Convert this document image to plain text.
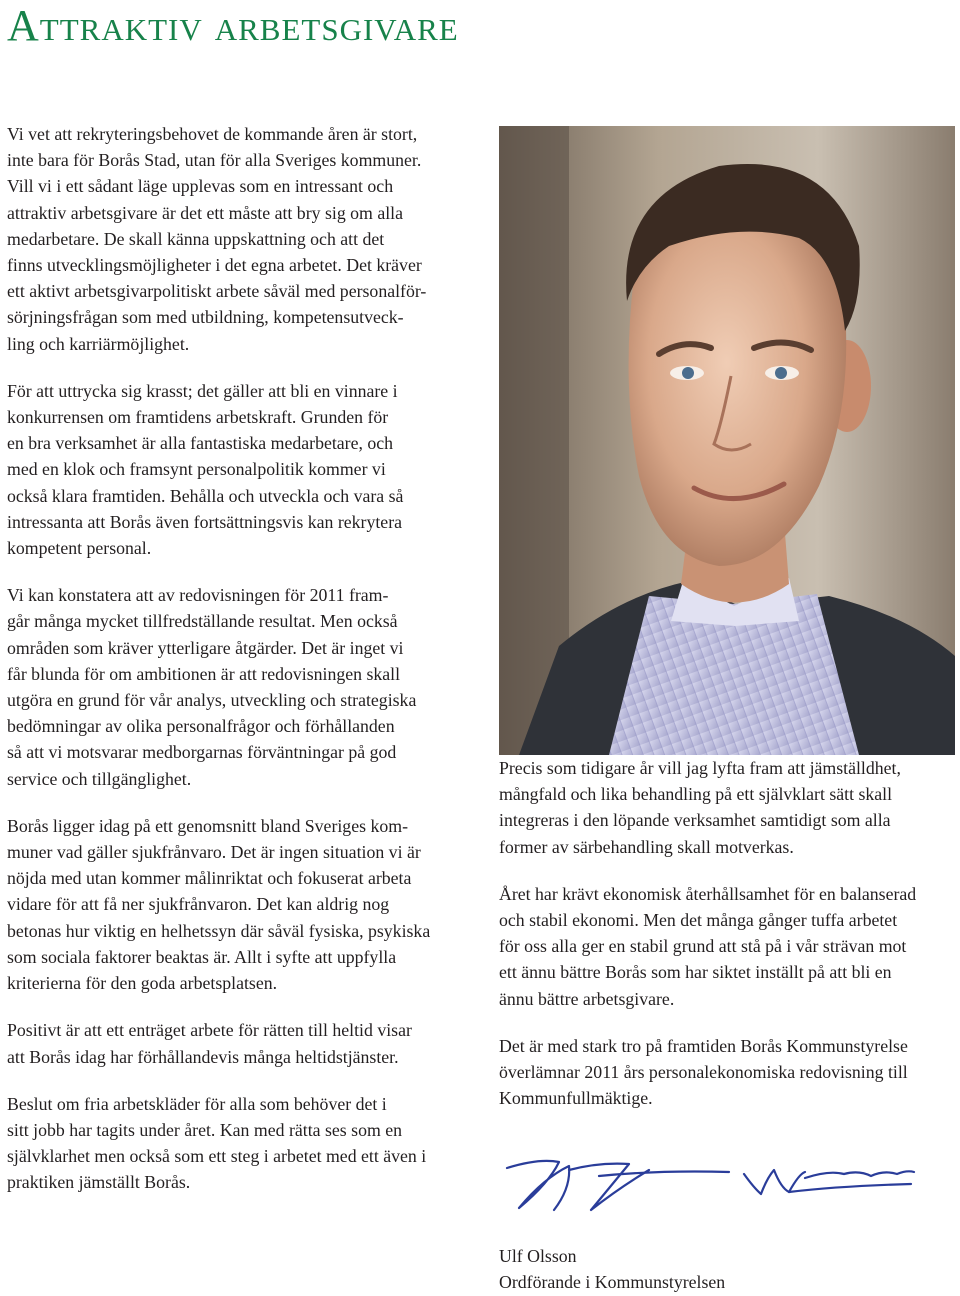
Attraktiv arbetsgivare

Vi vet att rekryteringsbehovet de kommande åren är stort,
inte bara för Borås Stad, utan för alla Sveriges kommuner.
Vill vi i ett sådant läge upplevas som en intressant och
attraktiv arbetsgivare är det ett måste att bry sig om alla
medarbetare. De skall känna uppskattning och att det
finns utvecklingsmöjligheter i det egna arbetet. Det kräver
ett aktivt arbetsgivarpolitiskt arbete såväl med personalför-
sörjningsfrågan som med utbildning, kompetensutveck-
ling och karriärmöjlighet.

För att uttrycka sig krasst; det gäller att bli en vinnare i
konkurrensen om framtidens arbetskraft. Grunden för
en bra verksamhet är alla fantastiska medarbetare, och
med en klok och framsynt personalpolitik kommer vi
också klara framtiden. Behålla och utveckla och vara så
intressanta att Borås även fortsättningsvis kan rekrytera
kompetent personal.

Vi kan konstatera att av redovisningen för 2011 fram-
går många mycket tillfredställande resultat. Men också
områden som kräver ytterligare åtgärder. Det är inget vi
får blunda för om ambitionen är att redovisningen skall
utgöra en grund för vår analys, utveckling och strategiska
bedömningar av olika personalfrågor och förhållanden
så att vi motsvarar medborgarnas förväntningar på god
service och tillgänglighet.

Borås ligger idag på ett genomsnitt bland Sveriges kom-
muner vad gäller sjukfrånvaro. Det är ingen situation vi är
nöjda med utan kommer målinriktat och fokuserat arbeta
vidare för att få ner sjukfrånvaron. Det kan aldrig nog
betonas hur viktig en helhetssyn där såväl fysiska, psykiska
som sociala faktorer beaktas är. Allt i syfte att uppfylla
kriterierna för den goda arbetsplatsen.

Positivt är att ett enträget arbete för rätten till heltid visar
att Borås idag har förhållandevis många heltidstjänster.

Beslut om fria arbetskläder för alla som behöver det i
sitt jobb har tagits under året. Kan med rätta ses som en
självklarhet men också som ett steg i arbetet med ett även i
praktiken jämställt Borås.

Precis som tidigare år vill jag lyfta fram att jämställdhet,
mångfald och lika behandling på ett självklart sätt skall
integreras i den löpande verksamhet samtidigt som alla
former av särbehandling skall motverkas.

Året har krävt ekonomisk återhållsamhet för en balanserad
och stabil ekonomi. Men det många gånger tuffa arbetet
för oss alla ger en stabil grund att stå på i vår strävan mot
ett ännu bättre Borås som har siktet inställt på att bli en
ännu bättre arbetsgivare.

Det är med stark tro på framtiden Borås Kommunstyrelse
överlämnar 2011 års personalekonomiska redovisning till
Kommunfullmäktige.

Ulf Olsson
Ordförande i Kommunstyrelsen
